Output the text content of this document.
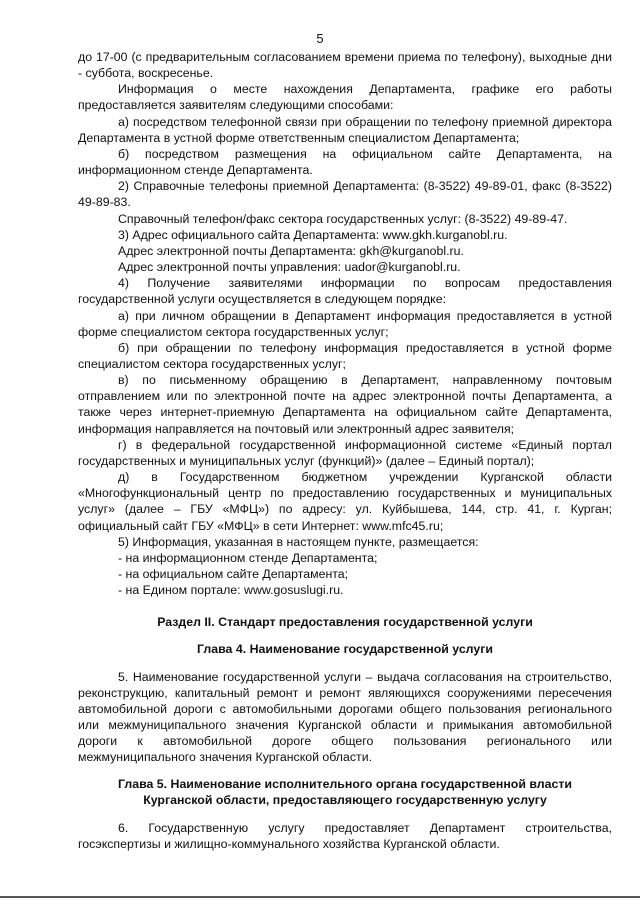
5

до 17-00 (с предварительным согласованием времени приема по телефону), выходные дни - суббота, воскресенье.

Информация о месте нахождения Департамента, графике его работы предоставляется заявителям следующими способами:

а) посредством телефонной связи при обращении по телефону приемной директора Департамента в устной форме ответственным специалистом Департамента;

б) посредством размещения на официальном сайте Департамента, на информационном стенде Департамента.

2) Справочные телефоны приемной Департамента: (8-3522) 49-89-01, факс (8-3522) 49-89-83.

Справочный телефон/факс сектора государственных услуг: (8-3522) 49-89-47.

3) Адрес официального сайта Департамента: www.gkh.kurganobl.ru.

Адрес электронной почты Департамента: gkh@kurganobl.ru.

Адрес электронной почты управления: uador@kurganobl.ru.

4) Получение заявителями информации по вопросам предоставления государственной услуги осуществляется в следующем порядке:

а) при личном обращении в Департамент информация предоставляется в устной форме специалистом сектора государственных услуг;

б) при обращении по телефону информация предоставляется в устной форме специалистом сектора государственных услуг;

в) по письменному обращению в Департамент, направленному почтовым отправлением или по электронной почте на адрес электронной почты Департамента, а также через интернет-приемную Департамента на официальном сайте Департамента, информация направляется на почтовый или электронный адрес заявителя;

г) в федеральной государственной информационной системе «Единый портал государственных и муниципальных услуг (функций)» (далее – Единый портал);

д) в Государственном бюджетном учреждении Курганской области «Многофункциональный центр по предоставлению государственных и муниципальных услуг» (далее – ГБУ «МФЦ») по адресу: ул. Куйбышева, 144, стр. 41, г. Курган; официальный сайт ГБУ «МФЦ» в сети Интернет: www.mfc45.ru;

5) Информация, указанная в настоящем пункте, размещается:

- на информационном стенде Департамента;

- на официальном сайте Департамента;

- на Едином портале: www.gosuslugi.ru.

Раздел II. Стандарт предоставления государственной услуги

Глава 4. Наименование государственной услуги

5. Наименование государственной услуги – выдача согласования на строительство, реконструкцию, капитальный ремонт и ремонт являющихся сооружениями пересечения автомобильной дороги с автомобильными дорогами общего пользования регионального или межмуниципального значения Курганской области и примыкания автомобильной дороги к автомобильной дороге общего пользования регионального или межмуниципального значения Курганской области.

Глава 5. Наименование исполнительного органа государственной власти

Курганской области, предоставляющего государственную услугу

6. Государственную услугу предоставляет Департамент строительства, госэкспертизы и жилищно-коммунального хозяйства Курганской области.
